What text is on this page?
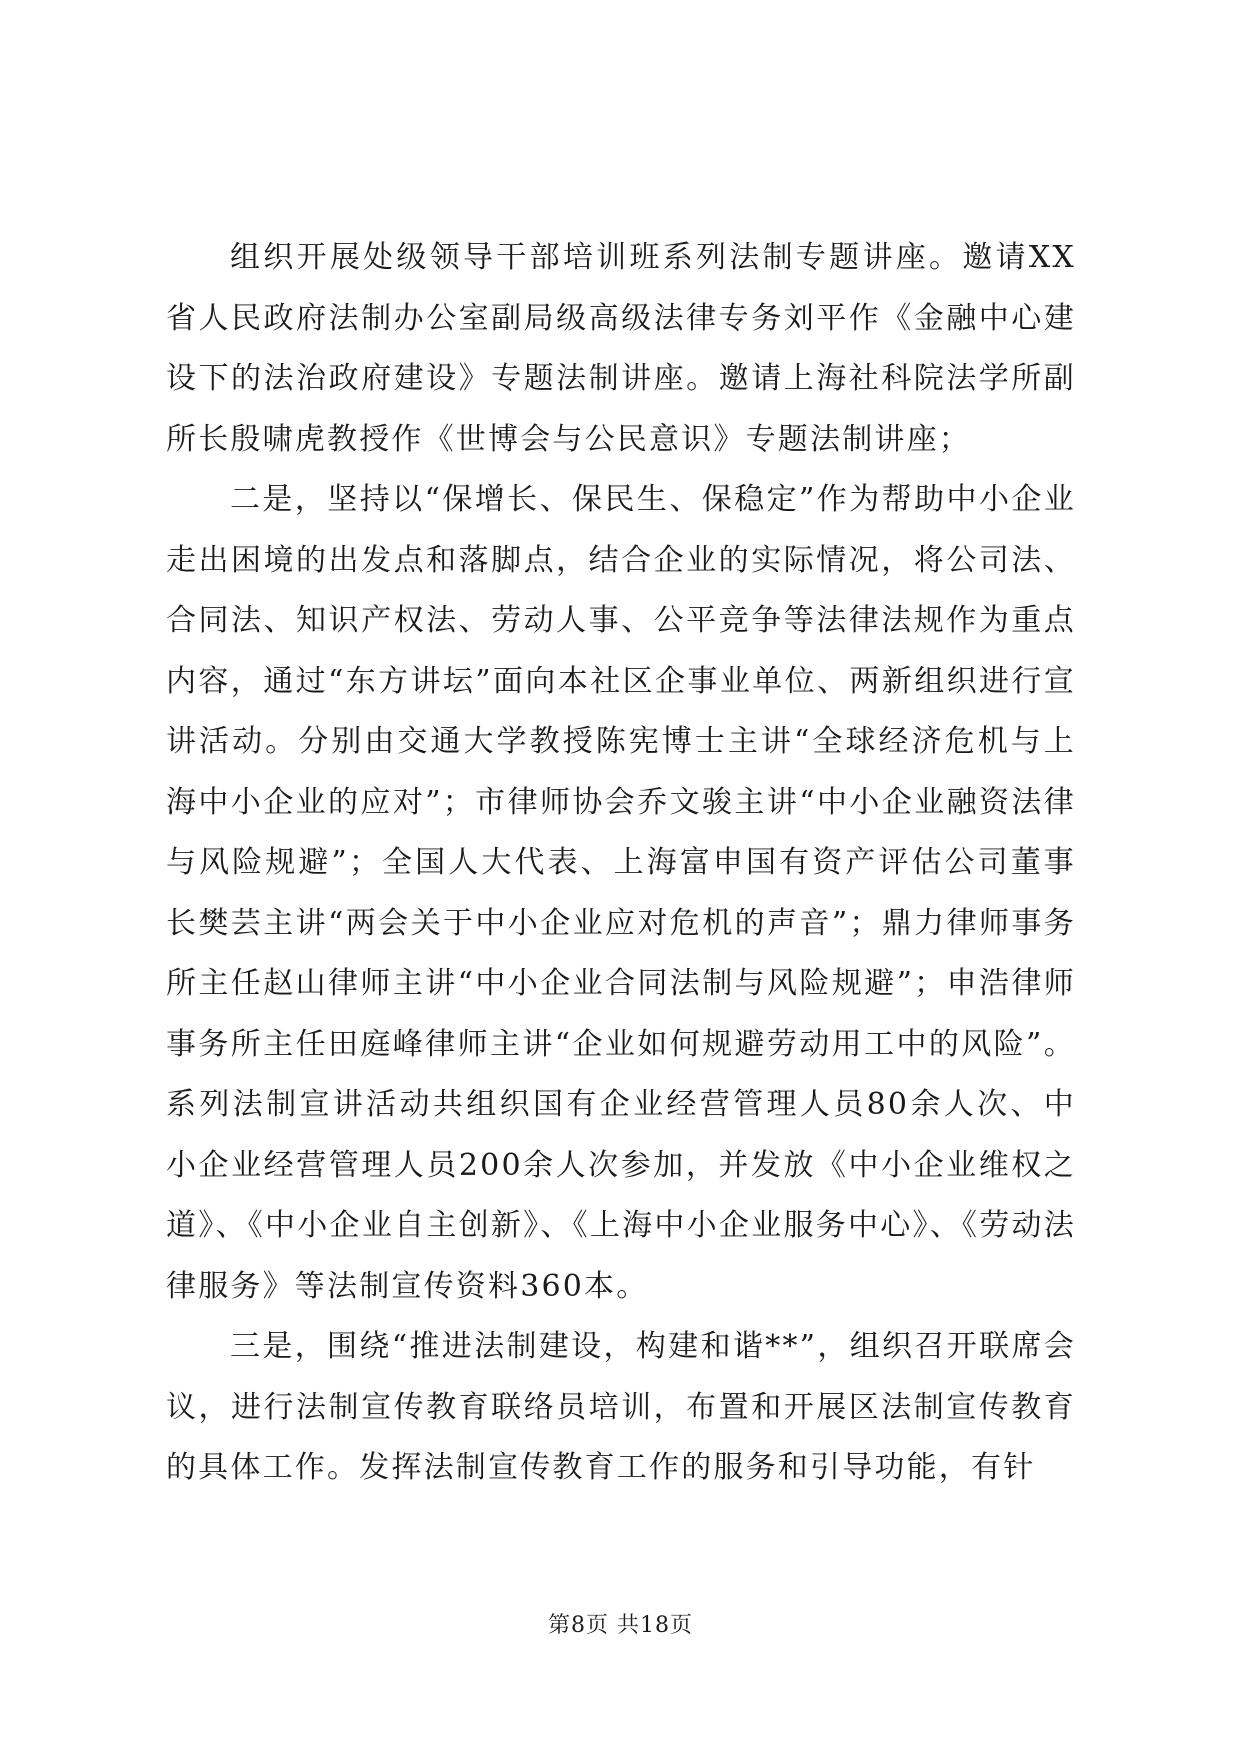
组织开展处级领导干部培训班系列法制专题讲座。邀请XX省人民政府法制办公室副局级高级法律专务刘平作《金融中心建设下的法治政府建设》专题法制讲座。邀请上海社科院法学所副所长殷啸虎教授作《世博会与公民意识》专题法制讲座；

二是，坚持以“保增长、保民生、保稳定”作为帮助中小企业走出困境的出发点和落脚点，结合企业的实际情况，将公司法、合同法、知识产权法、劳动人事、公平竞争等法律法规作为重点内容，通过“东方讲坛”面向本社区企事业单位、两新组织进行宣讲活动。分别由交通大学教授陈宪博士主讲“全球经济危机与上海中小企业的应对”；市律师协会乔文骏主讲“中小企业融资法律与风险规避”；全国人大代表、上海富申国有资产评估公司董事长樊芸主讲“两会关于中小企业应对危机的声音”；鼎力律师事务所主任赵山律师主讲“中小企业合同法制与风险规避”；申浩律师事务所主任田庭峰律师主讲“企业如何规避劳动用工中的风险”。系列法制宣讲活动共组织国有企业经营管理人员80余人次、中小企业经营管理人员200余人次参加，并发放《中小企业维权之道》、《中小企业自主创新》、《上海中小企业服务中心》、《劳动法律服务》等法制宣传资料360本。

三是，围绕“推进法制建设，构建和谐**”，组织召开联席会议，进行法制宣传教育联络员培训，布置和开展区法制宣传教育的具体工作。发挥法制宣传教育工作的服务和引导功能，有针

第8页 共18页
